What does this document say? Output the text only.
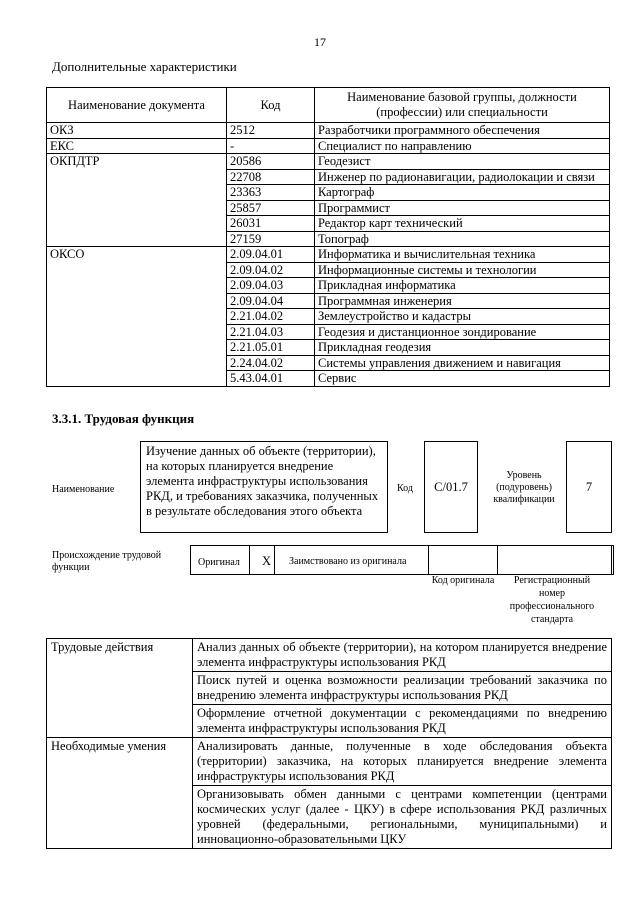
17
Дополнительные характеристики
Наименование документа	Код	Наименование базовой группы, должности (профессии) или специальности
ОКЗ	2512	Разработчики программного обеспечения
ЕКС	-	Специалист по направлению
ОКПДТР	20586	Геодезист
	22708	Инженер по радионавигации, радиолокации и связи
	23363	Картограф
	25857	Программист
	26031	Редактор карт технический
	27159	Топограф
ОКСО	2.09.04.01	Информатика и вычислительная техника
	2.09.04.02	Информационные системы и технологии
	2.09.04.03	Прикладная информатика
	2.09.04.04	Программная инженерия
	2.21.04.02	Землеустройство и кадастры
	2.21.04.03	Геодезия и дистанционное зондирование
	2.21.05.01	Прикладная геодезия
	2.24.04.02	Системы управления движением и навигация
	5.43.04.01	Сервис
3.3.1. Трудовая функция
Наименование
Изучение данных об объекте (территории), на которых планируется внедрение элемента инфраструктуры использования РКД, и требованиях заказчика, полученных в результате обследования этого объекта
Код	C/01.7
Уровень (подуровень) квалификации
7
Происхождение трудовой функции	Оригинал X Заимствовано из оригинала
Код оригинала	Регистрационный номер профессионального стандарта
Трудовые действия	Анализ данных об объекте (территории), на котором планируется внедрение элемента инфраструктуры использования РКД
	Поиск путей и оценка возможности реализации требований заказчика по внедрению элемента инфраструктуры использования РКД
	Оформление отчетной документации с рекомендациями по внедрению элемента инфраструктуры использования РКД
Необходимые умения	Анализировать данные, полученные в ходе обследования объекта (территории) заказчика, на которых планируется внедрение элемента инфраструктуры использования РКД
	Организовывать обмен данными с центрами компетенции (центрами космических услуг (далее - ЦКУ) в сфере использования РКД различных уровней (федеральными, региональными, муниципальными) и инновационно-образовательными ЦКУ
